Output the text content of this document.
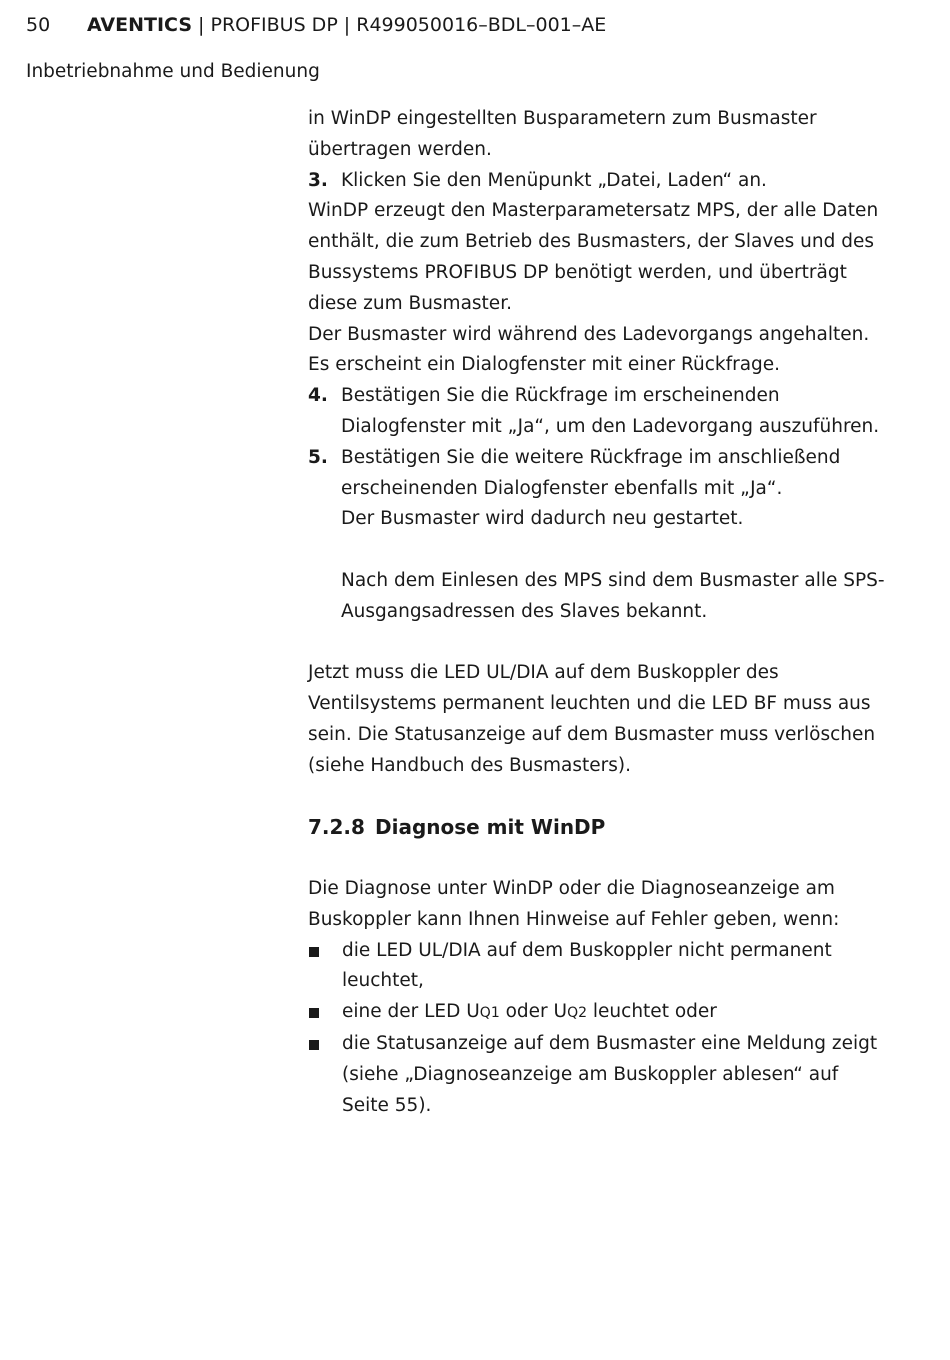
50 AVENTICS | PROFIBUS DP | R499050016–BDL–001–AE
Inbetriebnahme und Bedienung

in WinDP eingestellten Busparametern zum Busmaster übertragen werden.

3. Klicken Sie den Menüpunkt „Datei, Laden“ an.

WinDP erzeugt den Masterparametersatz MPS, der alle Daten enthält, die zum Betrieb des Busmasters, der Slaves und des Bussystems PROFIBUS DP benötigt werden, und überträgt diese zum Busmaster.

Der Busmaster wird während des Ladevorgangs angehalten. Es erscheint ein Dialogfenster mit einer Rückfrage.

4. Bestätigen Sie die Rückfrage im erscheinenden Dialogfenster mit „Ja“, um den Ladevorgang auszuführen.
5. Bestätigen Sie die weitere Rückfrage im anschließend erscheinenden Dialogfenster ebenfalls mit „Ja“.
Der Busmaster wird dadurch neu gestartet.
Nach dem Einlesen des MPS sind dem Busmaster alle SPS-Ausgangsadressen des Slaves bekannt.

Jetzt muss die LED UL/DIA auf dem Buskoppler des Ventilsystems permanent leuchten und die LED BF muss aus sein. Die Statusanzeige auf dem Busmaster muss verlöschen (siehe Handbuch des Busmasters).

7.2.8 Diagnose mit WinDP

Die Diagnose unter WinDP oder die Diagnoseanzeige am Buskoppler kann Ihnen Hinweise auf Fehler geben, wenn:

die LED UL/DIA auf dem Buskoppler nicht permanent leuchtet,
eine der LED UQ1 oder UQ2 leuchtet oder
die Statusanzeige auf dem Busmaster eine Meldung zeigt (siehe „Diagnoseanzeige am Buskoppler ablesen“ auf Seite 55).
